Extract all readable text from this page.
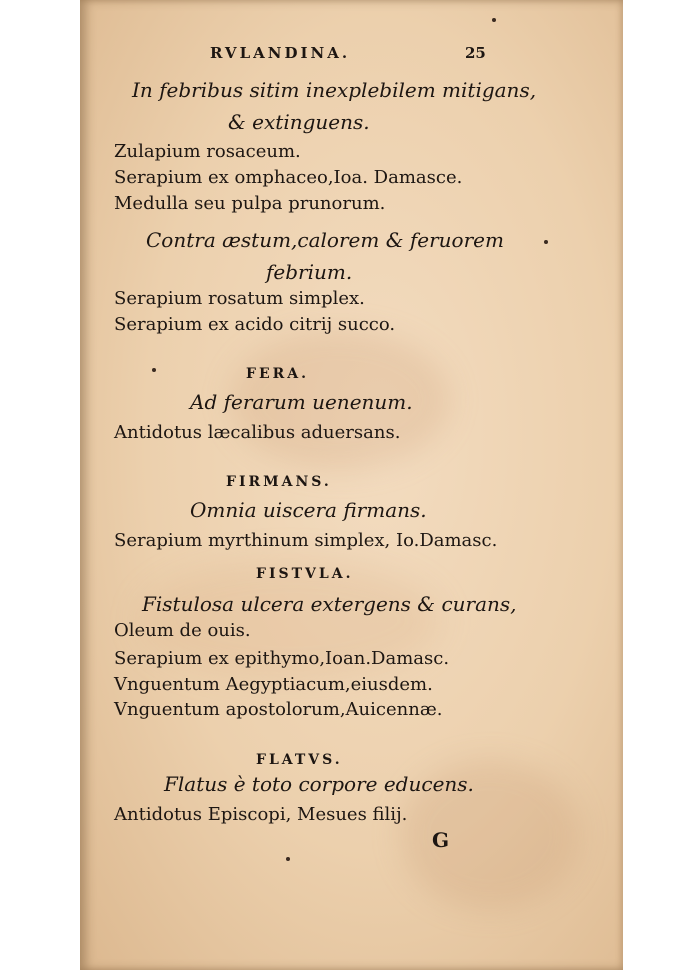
RVLANDINA.	25
In febribus sitim inexplebilem mitigans,
& extinguens.
Zulapium rosaceum.
Serapium ex omphaceo,Ioa. Damasce.
Medulla seu pulpa prunorum.
Contra æstum,calorem & feruorem
febrium.
Serapium rosatum simplex.
Serapium ex acido citrij succo.
FERA.
Ad ferarum uenenum.
Antidotus læcalibus aduersans.
FIRMANS.
Omnia uiscera firmans.
Serapium myrthinum simplex, Io.Damasc.
FISTVLA.
Fistulosa ulcera extergens & curans,
Oleum de ouis.
Serapium ex epithymo,Ioan.Damasc.
Vnguentum Aegyptiacum,eiusdem.
Vnguentum apostolorum,Auicennæ.
FLATVS.
Flatus è toto corpore educens.
Antidotus Episcopi, Mesues filij.
G
